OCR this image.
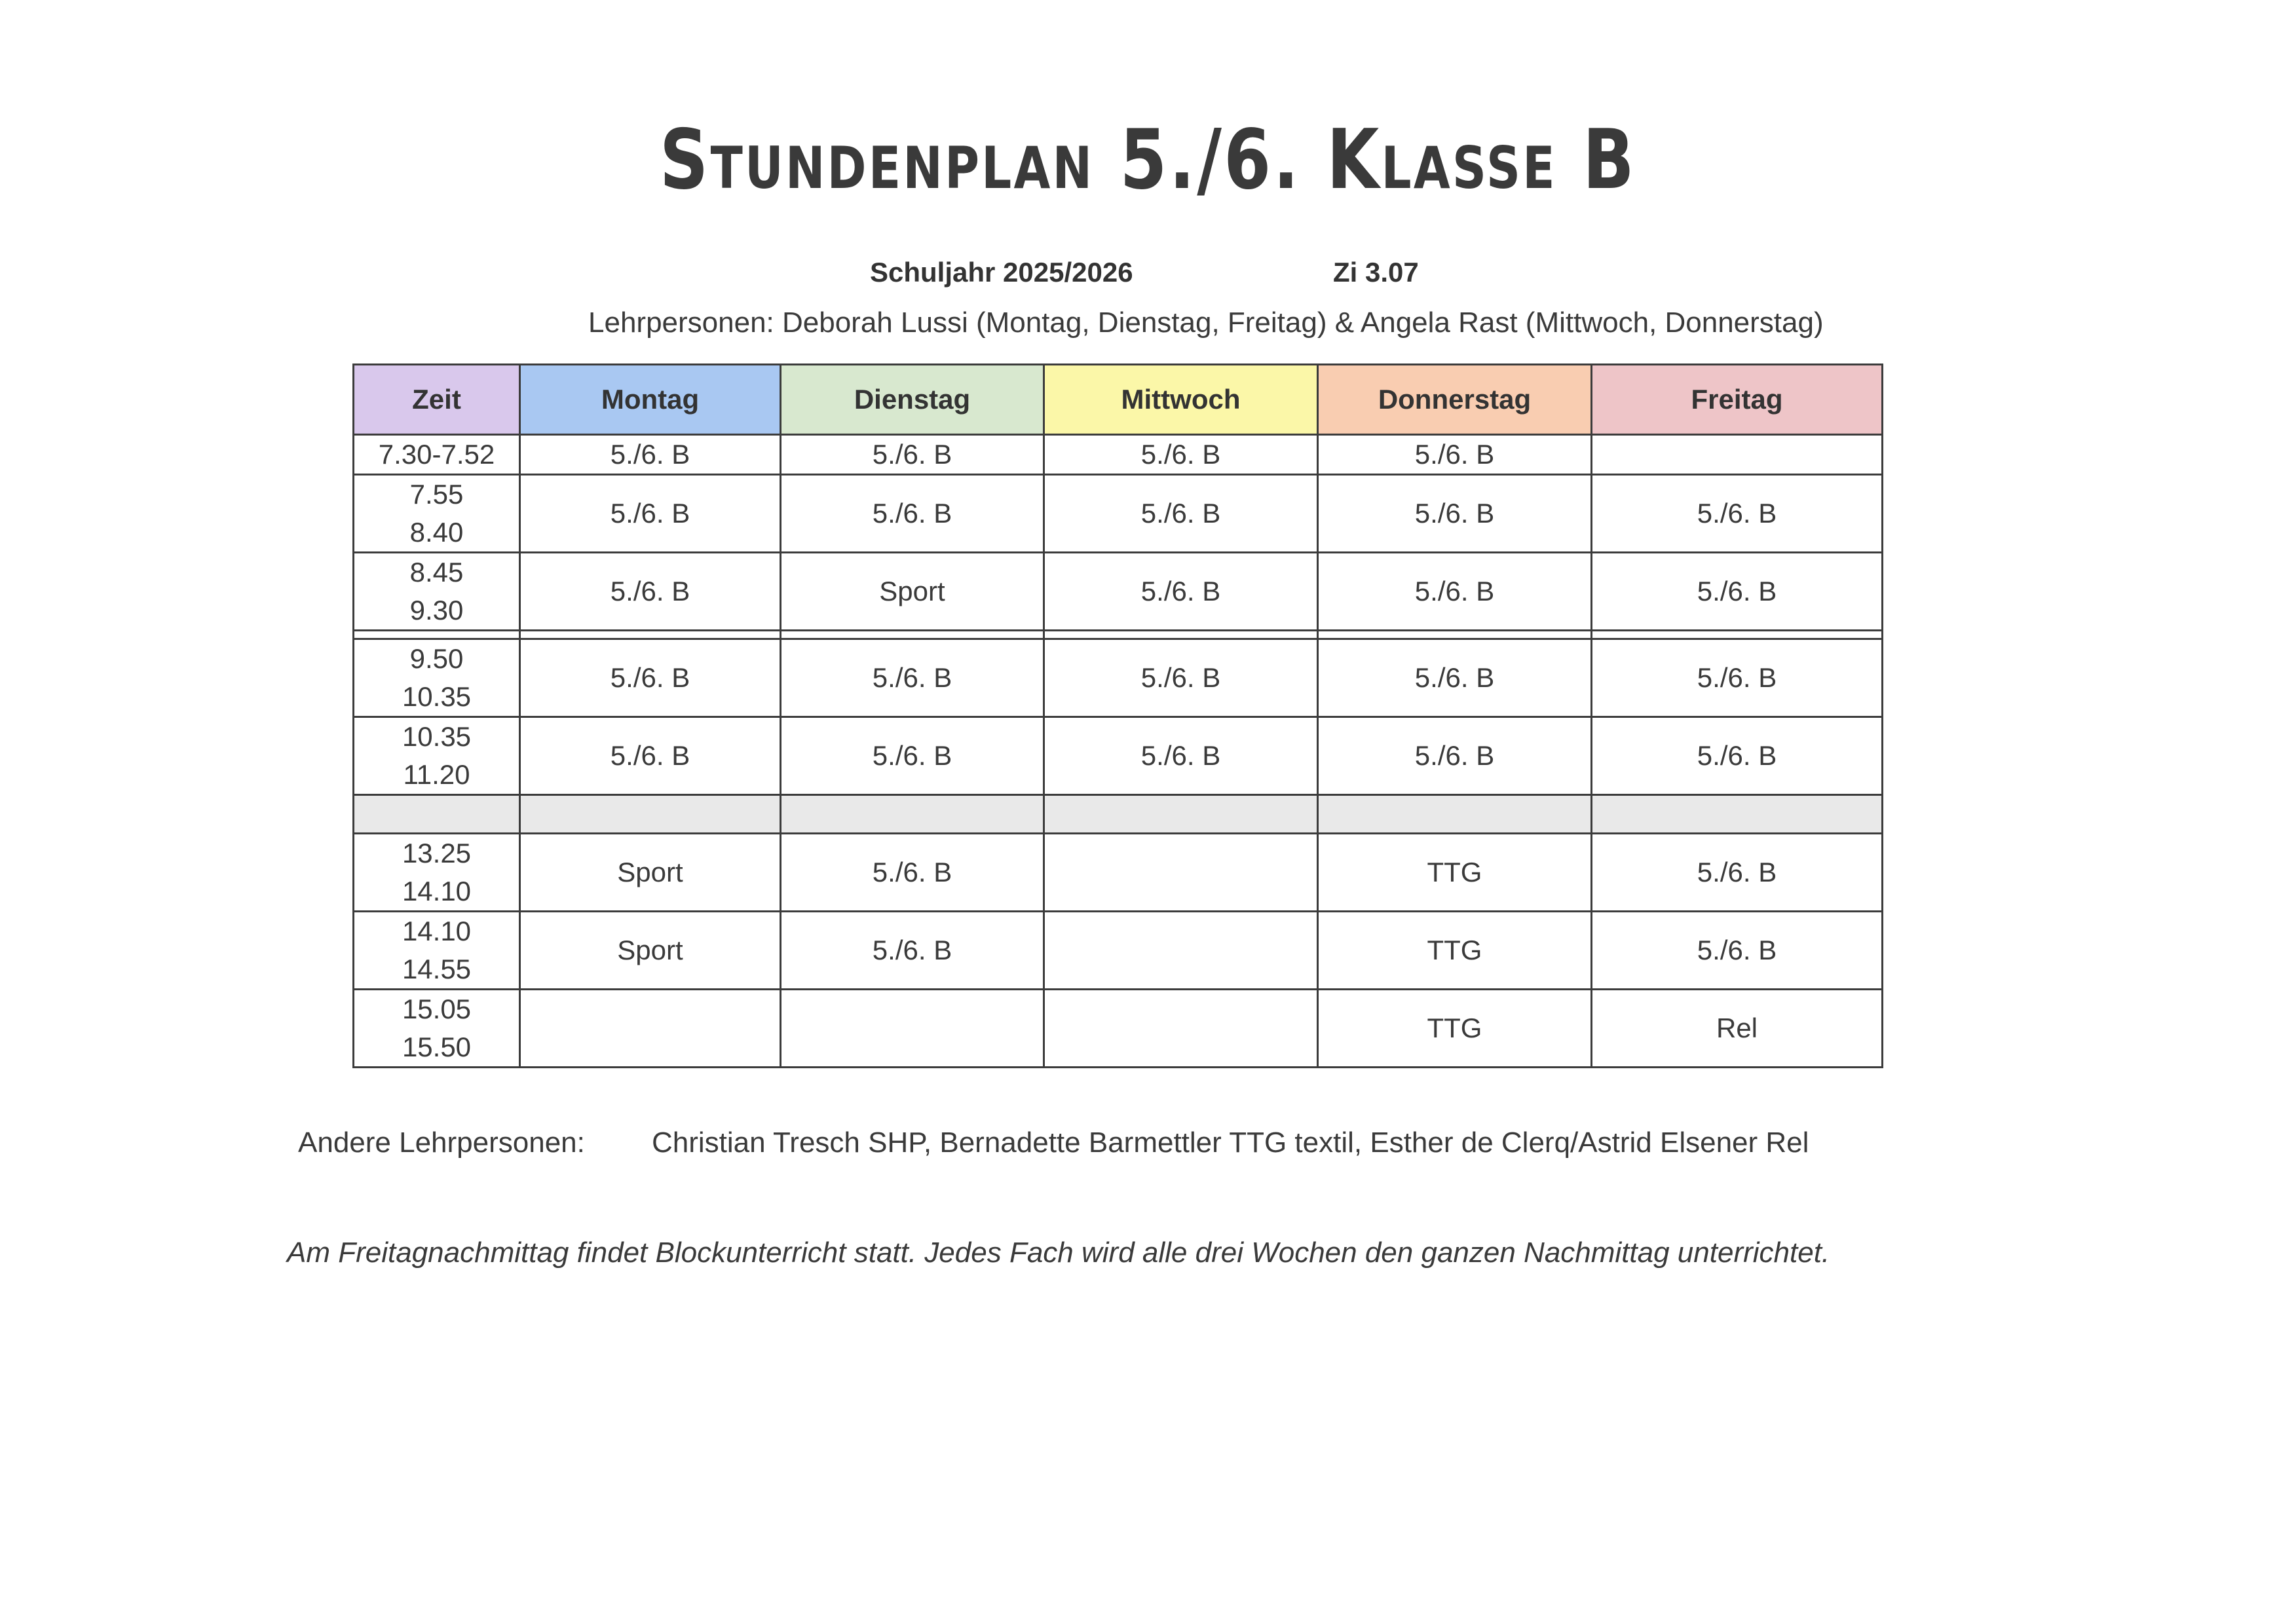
Stundenplan 5./6. Klasse B
Schuljahr 2025/2026	Zi 3.07
Lehrpersonen: Deborah Lussi (Montag, Dienstag, Freitag) & Angela Rast (Mittwoch, Donnerstag)
Zeit	Montag	Dienstag	Mittwoch	Donnerstag	Freitag
7.30-7.52	5./6. B	5./6. B	5./6. B	5./6. B	
7.55
8.40	5./6. B	5./6. B	5./6. B	5./6. B	5./6. B
8.45
9.30	5./6. B	Sport	5./6. B	5./6. B	5./6. B

9.50
10.35	5./6. B	5./6. B	5./6. B	5./6. B	5./6. B
10.35
11.20	5./6. B	5./6. B	5./6. B	5./6. B	5./6. B

13.25
14.10	Sport	5./6. B		TTG	5./6. B
14.10
14.55	Sport	5./6. B		TTG	5./6. B
15.05
15.50				TTG	Rel
Andere Lehrpersonen: Christian Tresch SHP, Bernadette Barmettler TTG textil, Esther de Clerq/Astrid Elsener Rel
Am Freitagnachmittag findet Blockunterricht statt. Jedes Fach wird alle drei Wochen den ganzen Nachmittag unterrichtet.
